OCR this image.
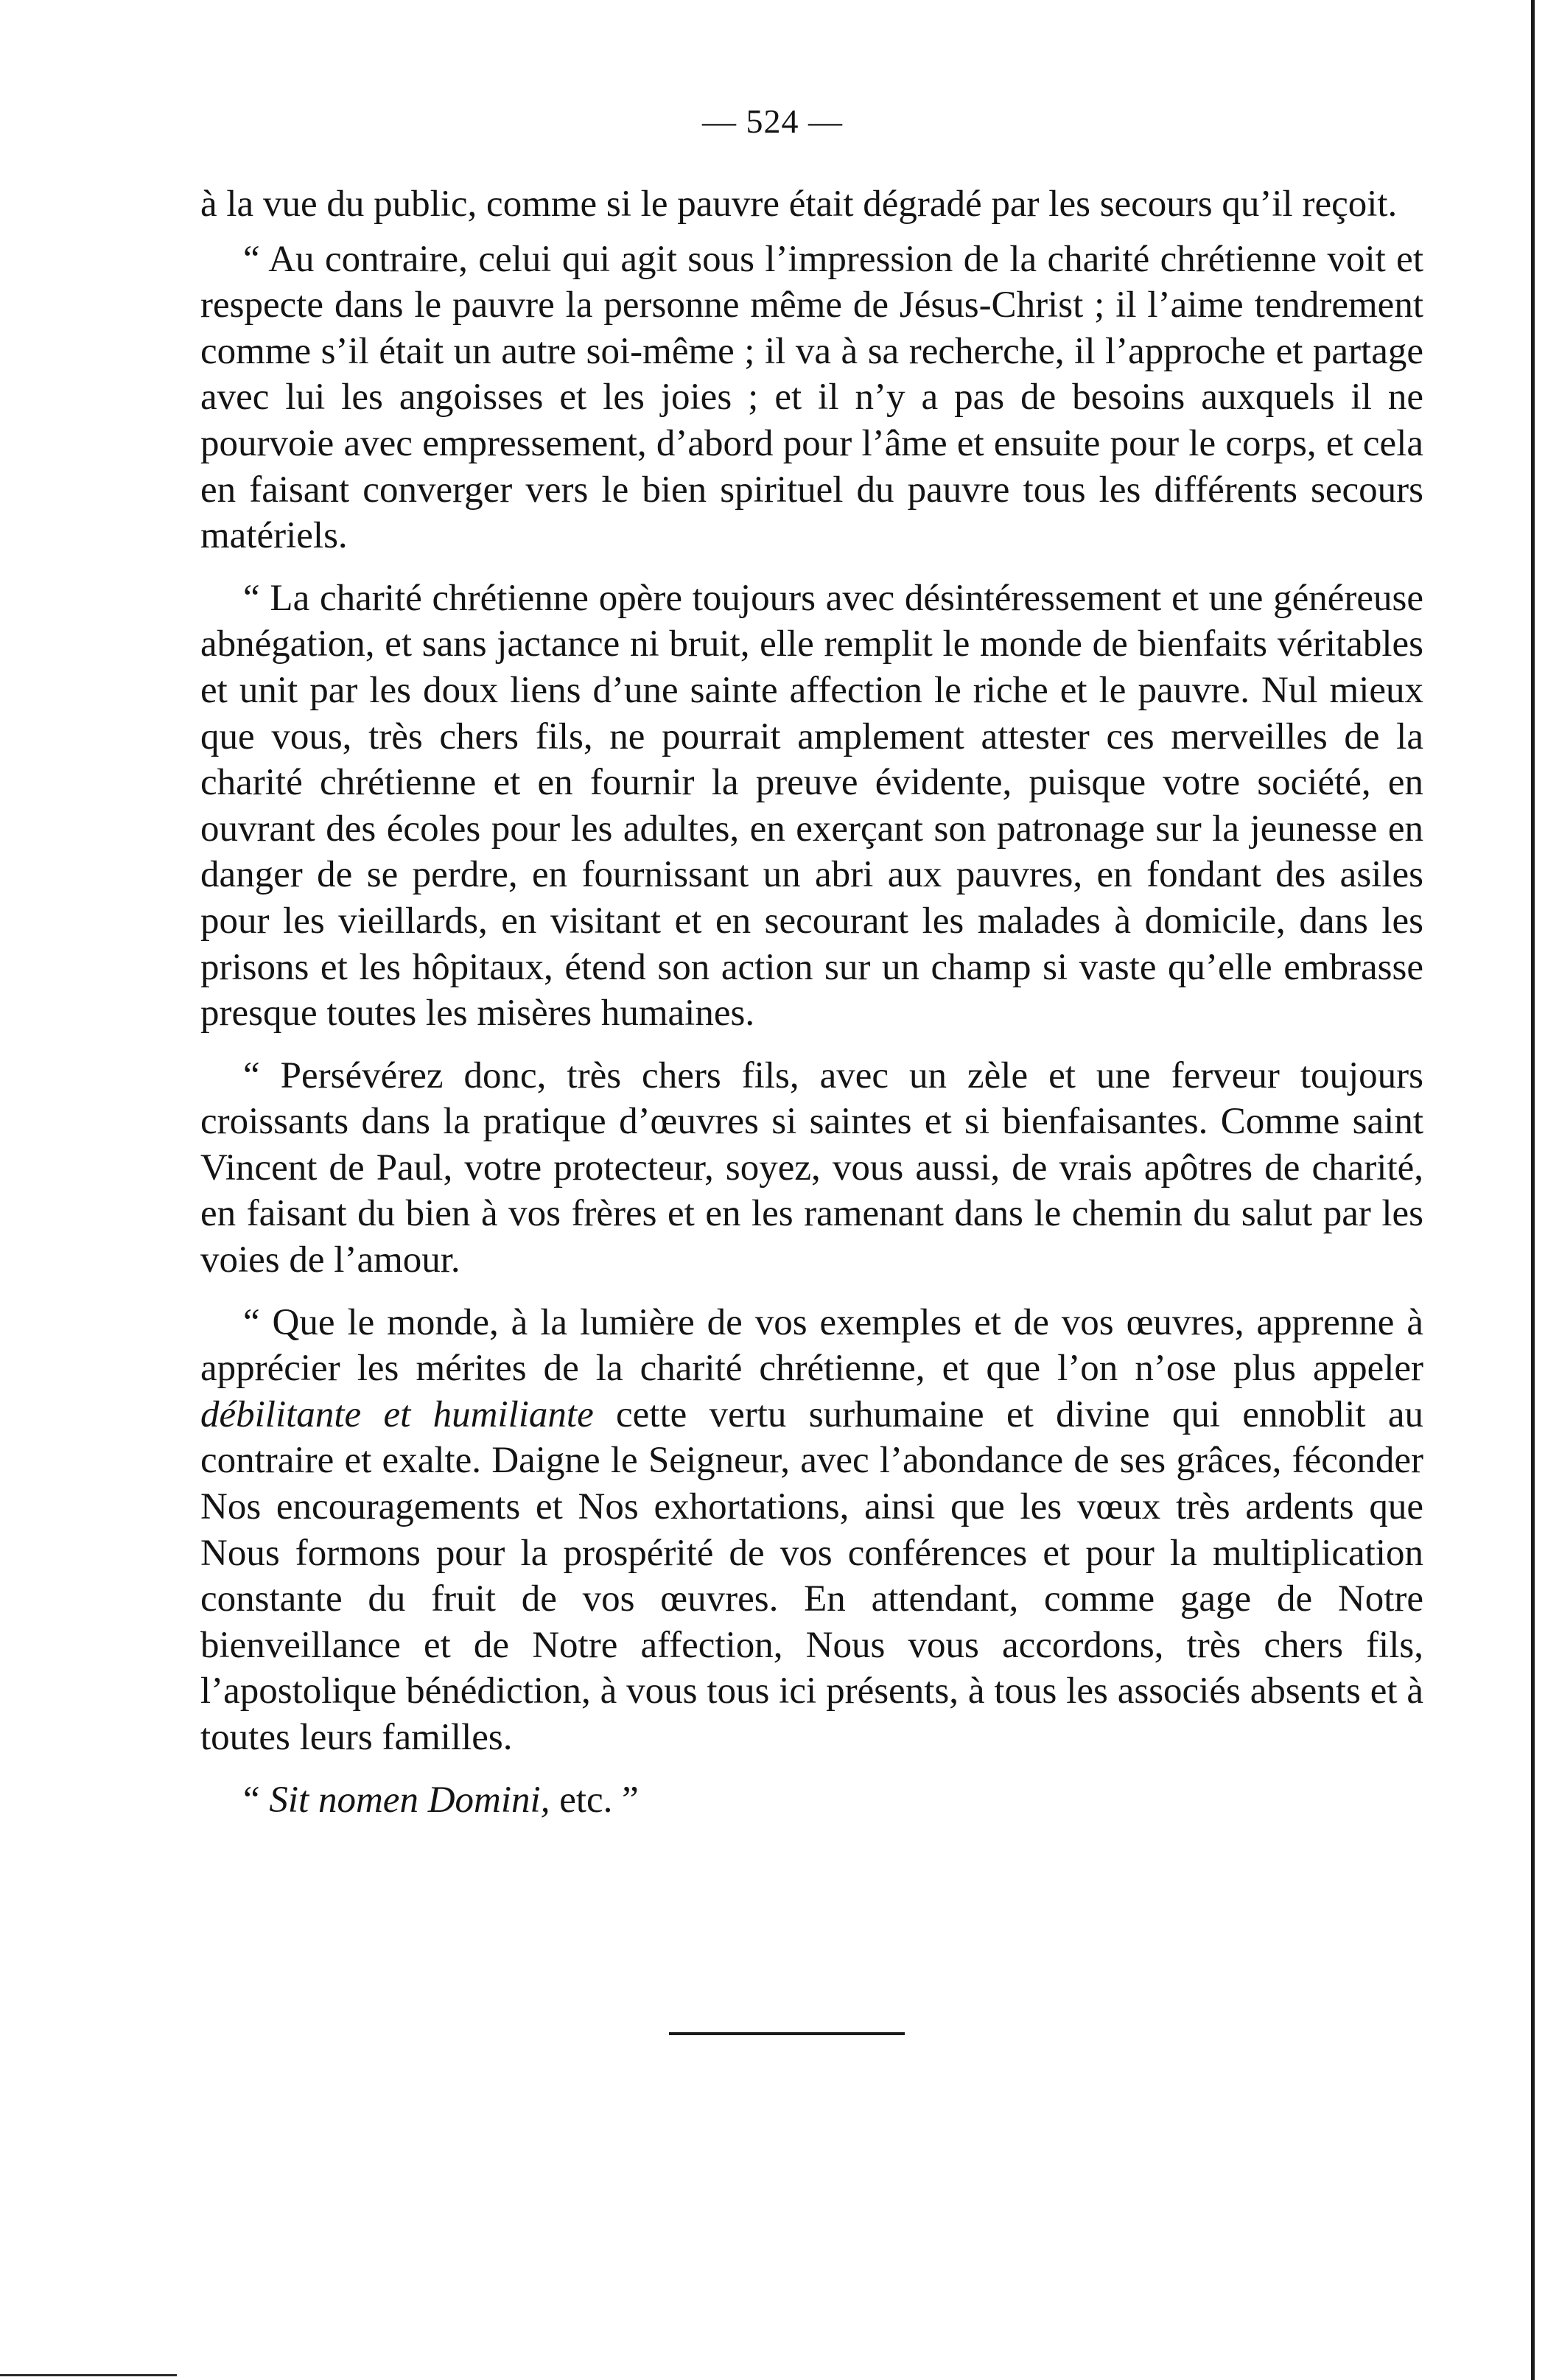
— 524 —

à la vue du public, comme si le pauvre était dégradé par les secours qu’il reçoit.

“ Au contraire, celui qui agit sous l’impression de la charité chrétienne voit et respecte dans le pauvre la personne même de Jésus-Christ ; il l’aime tendrement comme s’il était un autre soi-même ; il va à sa recherche, il l’approche et partage avec lui les angoisses et les joies ; et il n’y a pas de besoins auxquels il ne pourvoie avec empressement, d’abord pour l’âme et ensuite pour le corps, et cela en faisant converger vers le bien spirituel du pauvre tous les différents secours matériels.

“ La charité chrétienne opère toujours avec désintéressement et une généreuse abnégation, et sans jactance ni bruit, elle remplit le monde de bienfaits véritables et unit par les doux liens d’une sainte affection le riche et le pauvre. Nul mieux que vous, très chers fils, ne pourrait amplement attester ces merveilles de la charité chrétienne et en fournir la preuve évidente, puisque votre société, en ouvrant des écoles pour les adultes, en exerçant son patronage sur la jeunesse en danger de se perdre, en fournissant un abri aux pauvres, en fondant des asiles pour les vieillards, en visitant et en secourant les malades à domicile, dans les prisons et les hôpitaux, étend son action sur un champ si vaste qu’elle embrasse presque toutes les misères humaines.

“ Persévérez donc, très chers fils, avec un zèle et une ferveur toujours croissants dans la pratique d’œuvres si saintes et si bienfaisantes. Comme saint Vincent de Paul, votre protecteur, soyez, vous aussi, de vrais apôtres de charité, en faisant du bien à vos frères et en les ramenant dans le chemin du salut par les voies de l’amour.

“ Que le monde, à la lumière de vos exemples et de vos œuvres, apprenne à apprécier les mérites de la charité chrétienne, et que l’on n’ose plus appeler débilitante et humiliante cette vertu surhumaine et divine qui ennoblit au contraire et exalte. Daigne le Seigneur, avec l’abondance de ses grâces, féconder Nos encouragements et Nos exhortations, ainsi que les vœux très ardents que Nous formons pour la prospérité de vos conférences et pour la multiplication constante du fruit de vos œuvres. En attendant, comme gage de Notre bienveillance et de Notre affection, Nous vous accordons, très chers fils, l’apostolique bénédiction, à vous tous ici présents, à tous les associés absents et à toutes leurs familles.

“ Sit nomen Domini, etc. ”
